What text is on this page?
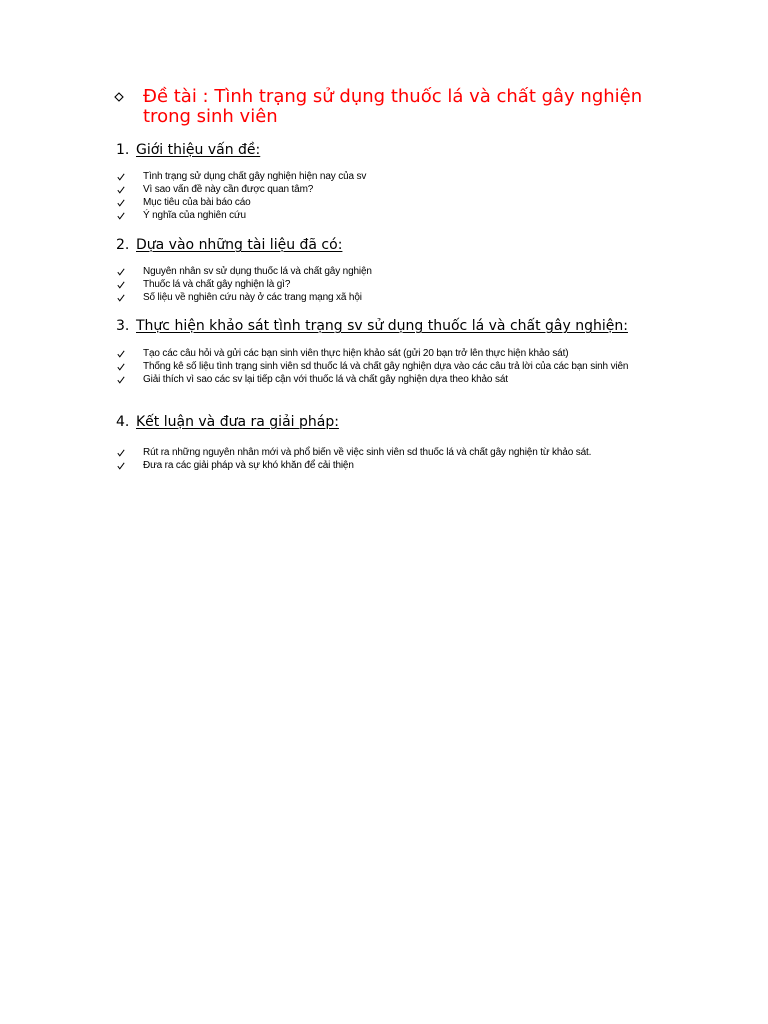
Đề tài : Tình trạng sử dụng thuốc lá và chất gây nghiện trong sinh viên
1. Giới thiệu vấn đề:
Tình trạng sử dụng chất gây nghiện hiện nay của sv
Vì sao vấn đề này cần được quan tâm?
Mục tiêu của bài báo cáo
Ý nghĩa của nghiên cứu
2. Dựa vào những tài liệu đã có:
Nguyên nhân sv sử dụng thuốc lá và chất gây nghiện
Thuốc lá và chất gây nghiện là gì?
Số liệu về nghiên cứu này ở các trang mạng xã hội
3. Thực hiện khảo sát tình trạng sv sử dụng thuốc lá và chất gây nghiện:
Tạo các câu hỏi và gửi các bạn sinh viên thực hiện khảo sát (gửi 20 bạn trở lên thực hiện khảo sát)
Thống kê số liệu tình trạng sinh viên sd thuốc lá và chất gây nghiện dựa vào các câu trả lời của các bạn sinh viên
Giải thích vì sao các sv lại tiếp cận với thuốc lá và chất gây nghiện dựa theo khảo sát
4. Kết luận và đưa ra giải pháp:
Rút ra những nguyên nhân mới và phổ biến về việc sinh viên sd thuốc lá và chất gây nghiện từ khảo sát.
Đưa ra các giải pháp và sự khó khăn để cải thiện
